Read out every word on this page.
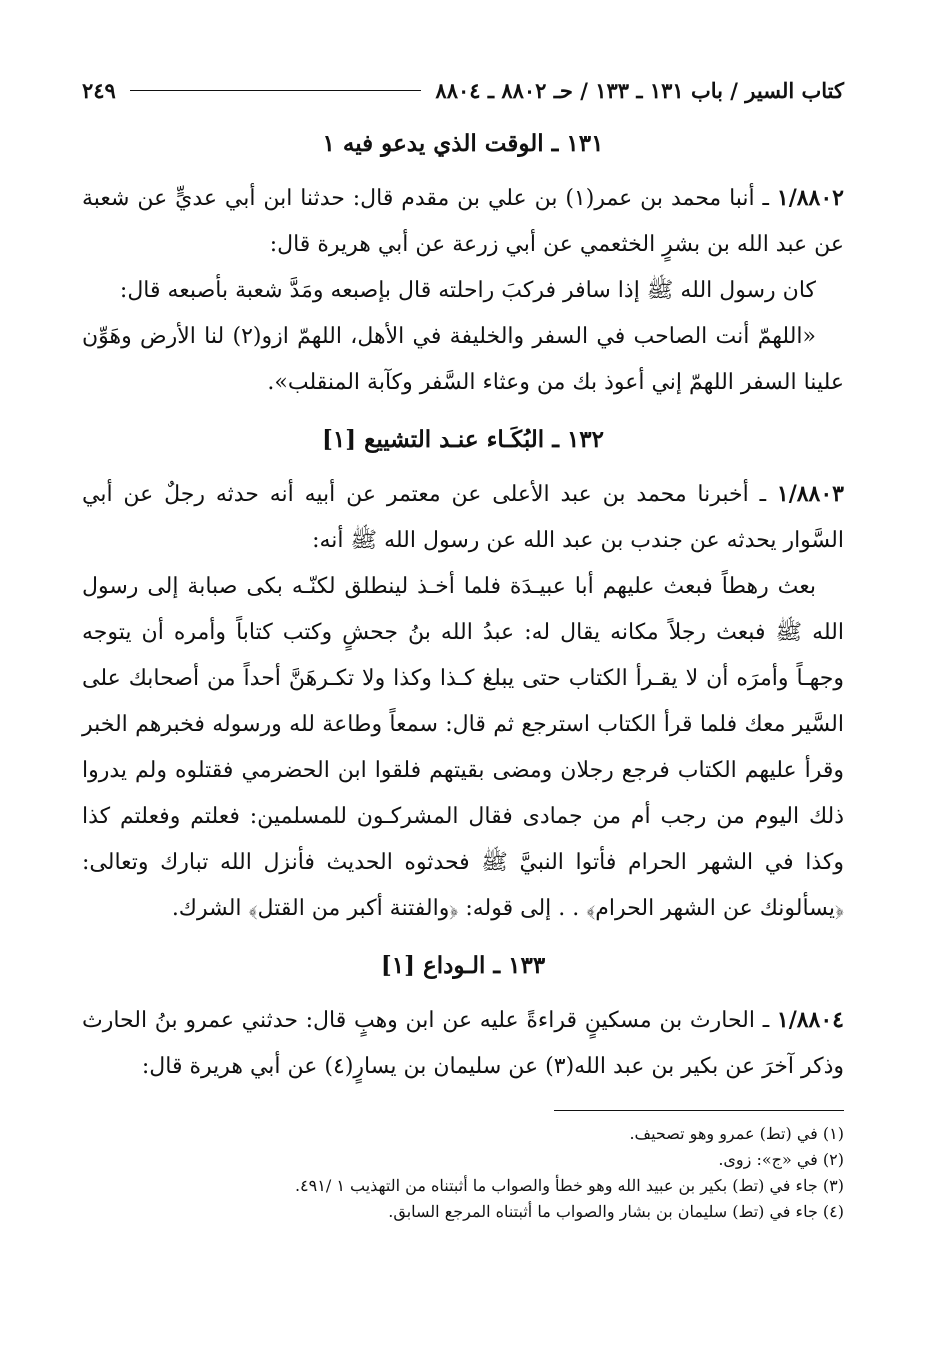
كتاب السير / باب ١٣١ ـ ١٣٣ / حـ ٨٨٠٢ ـ ٨٨٠٤
٢٤٩
١٣١ ـ الوقت الذي يدعو فيه ١

١/٨٨٠٢ ـ أنبا محمد بن عمر(١) بن علي بن مقدم قال: حدثنا ابن أبي عديٍّ عن شعبة عن عبد الله بن بشرٍ الخثعمي عن أبي زرعة عن أبي هريرة قال:

كان رسول الله ﷺ إذا سافر فركبَ راحلته قال بإصبعه ومَدَّ شعبة بأصبعه قال:

«اللهمّ أنت الصاحب في السفر والخليفة في الأهل، اللهمّ ازو(٢) لنا الأرض وهَوِّن علينا السفر اللهمّ إني أعوذ بك من وعثاء السَّفر وكآبة المنقلب».

١٣٢ ـ البُكَـاء عنـد التشييع [١]

١/٨٨٠٣ ـ أخبرنا محمد بن عبد الأعلى عن معتمر عن أبيه أنه حدثه رجلٌ عن أبي السَّوار يحدثه عن جندب بن عبد الله عن رسول الله ﷺ أنه:

بعث رهطاً فبعث عليهم أبا عبيـدَة فلما أخـذ لينطلق لكنّـه بكى صبابة إلى رسول الله ﷺ فبعث رجلاً مكانه يقال له: عبدُ الله بنُ جحشٍ وكتب كتاباً وأمره أن يتوجه وجهـاً وأمرَه أن لا يقـرأ الكتاب حتى يبلغ كـذا وكذا ولا تكـرهَنَّ أحداً من أصحابك على السَّير معك فلما قرأ الكتاب استرجع ثم قال: سمعاً وطاعة لله ورسوله فخبرهم الخبر وقرأ عليهم الكتاب فرجع رجلان ومضى بقيتهم فلقوا ابن الحضرمي فقتلوه ولم يدروا ذلك اليوم من رجب أم من جمادى فقال المشركـون للمسلمين: فعلتم وفعلتم كذا وكذا في الشهر الحرام فأتوا النبيَّ ﷺ فحدثوه الحديث فأنزل الله تبارك وتعالى: ﴿يسألونك عن الشهر الحرام﴾ . . إلى قوله: ﴿والفتنة أكبر من القتل﴾ الشرك.

١٣٣ ـ الـوداع [١]

١/٨٨٠٤ ـ الحارث بن مسكينٍ قراءةً عليه عن ابن وهبٍ قال: حدثني عمرو بنُ الحارث وذكر آخرَ عن بكير بن عبد الله(٣) عن سليمان بن يسارٍ(٤) عن أبي هريرة قال:

(١) في (تط) عمرو وهو تصحيف.

(٢) في «ج»: زوى.

(٣) جاء في (تط) بكير بن عبيد الله وهو خطأ والصواب ما أثبتناه من التهذيب ١ /٤٩١.

(٤) جاء في (تط) سليمان بن بشار والصواب ما أثبتناه المرجع السابق.
